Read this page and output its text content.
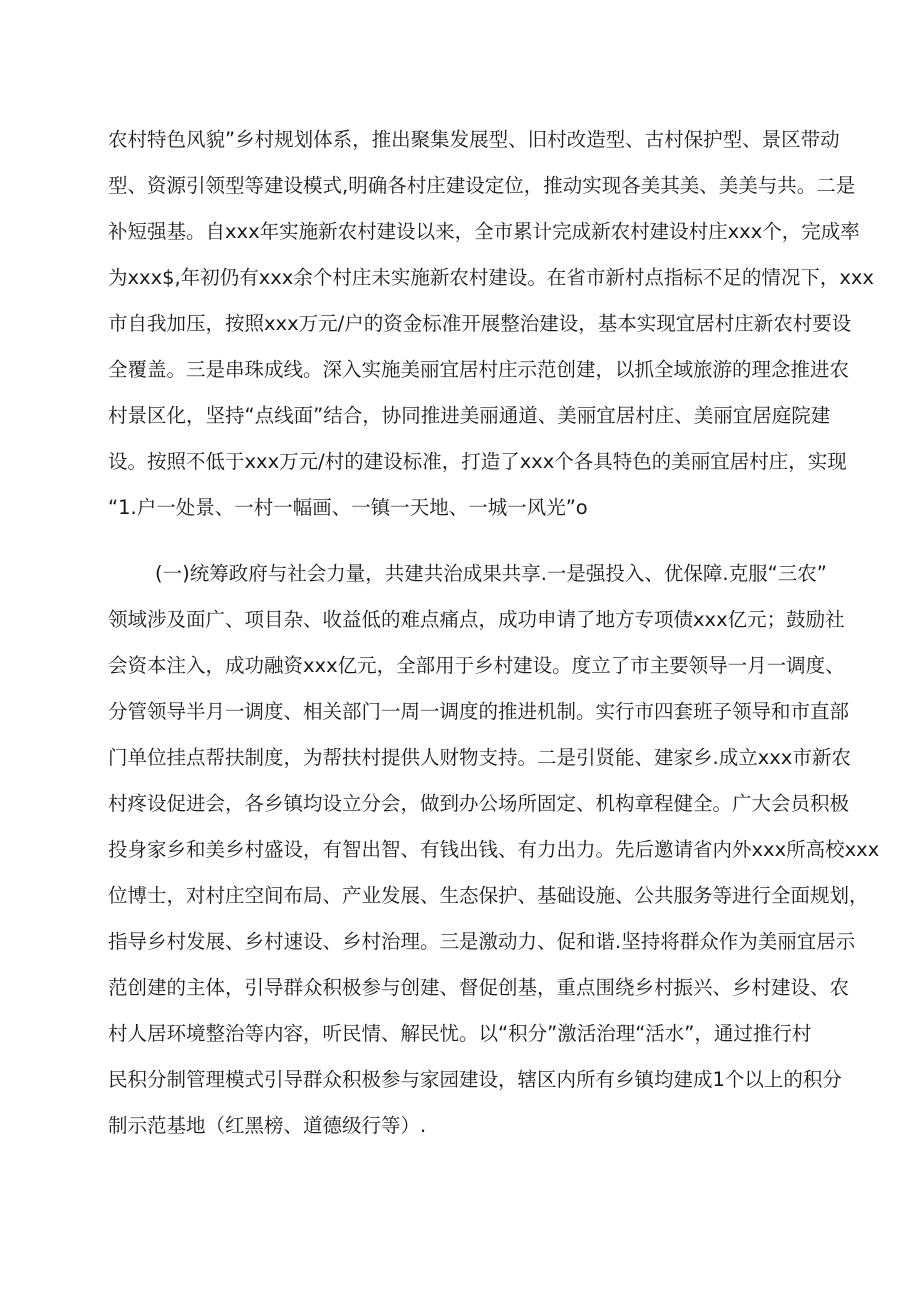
农村特色风貌”乡村规划体系，推出聚集发展型、旧村改造型、古村保护型、景区带动
型、资源引领型等建设模式,明确各村庄建设定位，推动实现各美其美、美美与共。二是
补短强基。自xxx年实施新农村建设以来，全市累计完成新农村建设村庄xxx个，完成率
为xxx$,年初仍有xxx余个村庄未实施新农村建设。在省市新村点指标不足的情况下，xxx
市自我加压，按照xxx万元/户的资金标准开展整治建设，基本实现宜居村庄新农村要设
全覆盖。三是串珠成线。深入实施美丽宜居村庄示范创建，以抓全域旅游的理念推进农
村景区化，坚持“点线面”结合，协同推进美丽通道、美丽宜居村庄、美丽宜居庭院建
设。按照不低于xxx万元/村的建设标准，打造了xxx个各具特色的美丽宜居村庄，实现
“1.户一处景、一村一幅画、一镇一天地、一城一风光”o
(一)统筹政府与社会力量，共建共治成果共享.一是强投入、优保障.克服“三农”
领域涉及面广、项目杂、收益低的难点痛点，成功申请了地方专项债xxx亿元；鼓励社
会资本注入，成功融资xxx亿元，全部用于乡村建设。度立了市主要领导一月一调度、
分管领导半月一调度、相关部门一周一调度的推进机制。实行市四套班子领导和市直部
门单位挂点帮扶制度，为帮扶村提供人财物支持。二是引贤能、建家乡.成立xxx市新农
村疼设促进会，各乡镇均设立分会，做到办公场所固定、机构章程健全。广大会员积极
投身家乡和美乡村盛设，有智出智、有钱出钱、有力出力。先后邀请省内外xxx所高校xxx
位博士，对村庄空间布局、产业发展、生态保护、基础设施、公共服务等进行全面规划，
指导乡村发展、乡村速设、乡村治理。三是激动力、促和谐.坚持将群众作为美丽宜居示
范创建的主体，引导群众积极参与创建、督促创基，重点围绕乡村振兴、乡村建设、农
村人居环境整治等内容，听民情、解民忧。以“积分”激活治理“活水”，通过推行村
民积分制管理模式引导群众积极参与家园建设，辖区内所有乡镇均建成1个以上的积分
制示范基地（红黑榜、道德级行等）.
